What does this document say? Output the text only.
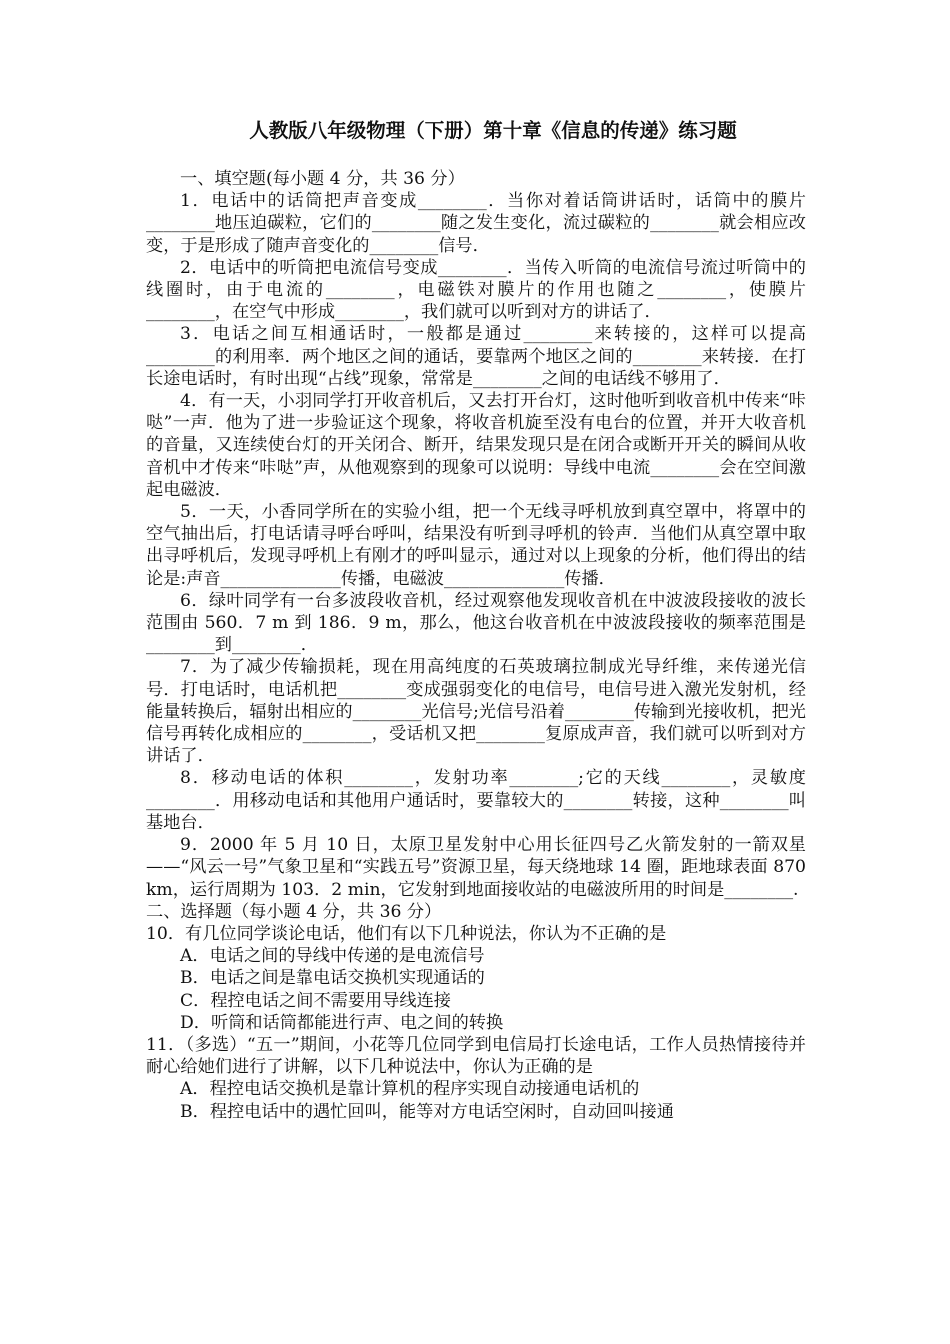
人教版八年级物理（下册）第十章《信息的传递》练习题

一、填空题(每小题 4 分，共 36 分）

1．电话中的话筒把声音变成________．当你对着话筒讲话时，话筒中的膜片________地压迫碳粒，它们的________随之发生变化，流过碳粒的________就会相应改变，于是形成了随声音变化的________信号．

2．电话中的听筒把电流信号变成________．当传入听筒的电流信号流过听筒中的线圈时，由于电流的________，电磁铁对膜片的作用也随之________，使膜片________，在空气中形成________，我们就可以听到对方的讲话了．

3．电话之间互相通话时，一般都是通过________来转接的，这样可以提高________的利用率．两个地区之间的通话，要靠两个地区之间的________来转接．在打长途电话时，有时出现“占线”现象，常常是________之间的电话线不够用了．

4．有一天，小羽同学打开收音机后，又去打开台灯，这时他听到收音机中传来“咔哒”一声．他为了进一步验证这个现象，将收音机旋至没有电台的位置，并开大收音机的音量，又连续使台灯的开关闭合、断开，结果发现只是在闭合或断开开关的瞬间从收音机中才传来“咔哒”声，从他观察到的现象可以说明：导线中电流________会在空间激起电磁波．

5．一天，小香同学所在的实验小组，把一个无线寻呼机放到真空罩中，将罩中的空气抽出后，打电话请寻呼台呼叫，结果没有听到寻呼机的铃声．当他们从真空罩中取出寻呼机后，发现寻呼机上有刚才的呼叫显示，通过对以上现象的分析，他们得出的结论是:声音______________传播，电磁波______________传播．

6．绿叶同学有一台多波段收音机，经过观察他发现收音机在中波波段接收的波长范围由 560．7 m 到 186．9 m，那么，他这台收音机在中波波段接收的频率范围是________到________．

7．为了减少传输损耗，现在用高纯度的石英玻璃拉制成光导纤维，来传递光信号．打电话时，电话机把________变成强弱变化的电信号，电信号进入激光发射机，经能量转换后，辐射出相应的________光信号;光信号沿着________传输到光接收机，把光信号再转化成相应的________，受话机又把________复原成声音，我们就可以听到对方讲话了．

8．移动电话的体积________，发射功率________;它的天线________，灵敏度________．用移动电话和其他用户通话时，要靠较大的________转接，这种________叫基地台．

9．2000 年 5 月 10 日，太原卫星发射中心用长征四号乙火箭发射的一箭双星——“风云一号”气象卫星和“实践五号”资源卫星，每天绕地球 14 圈，距地球表面 870 km，运行周期为 103．2 min，它发射到地面接收站的电磁波所用的时间是________.

二、选择题（每小题 4 分，共 36 分）

10．有几位同学谈论电话，他们有以下几种说法，你认为不正确的是

A．电话之间的导线中传递的是电流信号

B．电话之间是靠电话交换机实现通话的

C．程控电话之间不需要用导线连接

D．听筒和话筒都能进行声、电之间的转换

11．（多选）“五一”期间，小花等几位同学到电信局打长途电话，工作人员热情接待并耐心给她们进行了讲解，以下几种说法中，你认为正确的是

A．程控电话交换机是靠计算机的程序实现自动接通电话机的

B．程控电话中的遇忙回叫，能等对方电话空闲时，自动回叫接通
